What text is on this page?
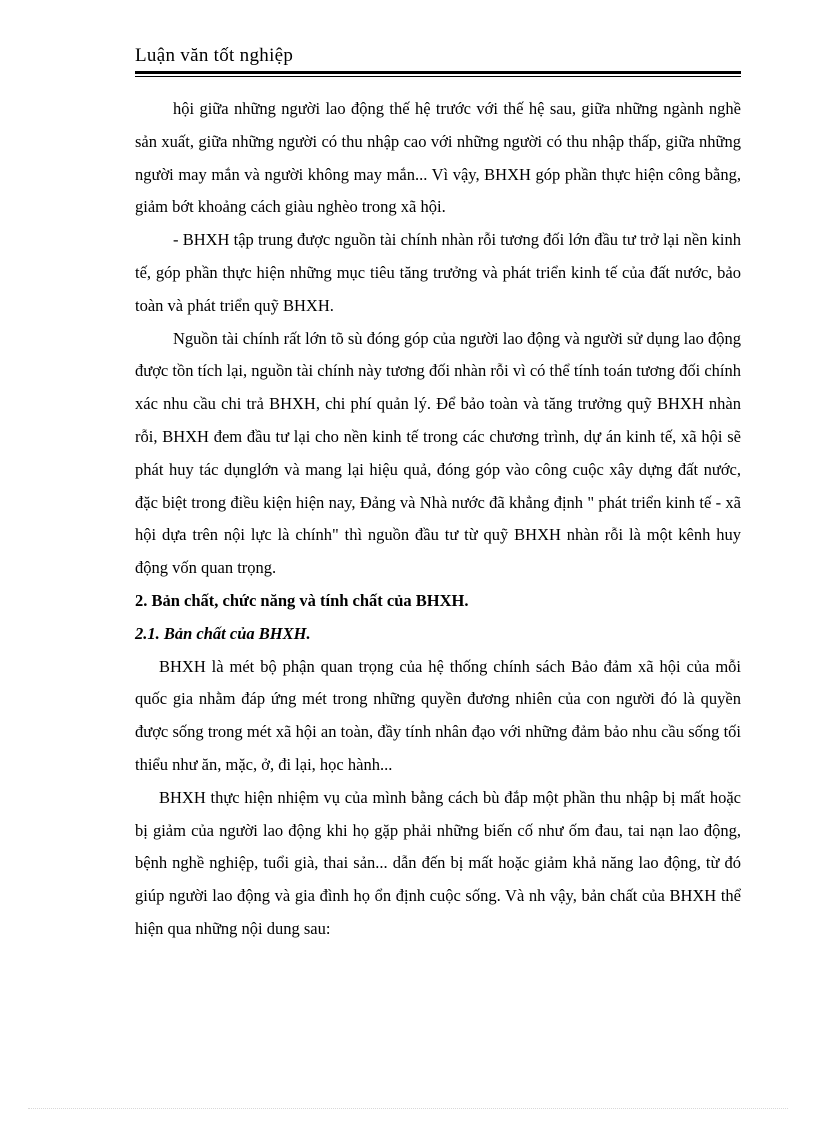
Luận văn tốt nghiệp

hội giữa những người lao động thế hệ trước với thế hệ sau, giữa những ngành nghề sản xuất, giữa những người có thu nhập cao với những người có thu nhập thấp, giữa những người may mắn và người không may mắn... Vì vậy, BHXH góp phần thực hiện công bằng, giảm bớt khoảng cách giàu nghèo trong xã hội.

- BHXH tập trung được nguồn tài chính nhàn rỗi tương đối lớn đầu tư trở lại nền kinh tế, góp phần thực hiện những mục tiêu tăng trưởng và phát triển kinh tế của đất nước, bảo toàn và phát triển quỹ BHXH.

Nguồn tài chính rất lớn tõ sù đóng góp của người lao động và người sử dụng lao động được tồn tích lại, nguồn tài chính này tương đối nhàn rỗi vì có thể tính toán tương đối chính xác nhu cầu chi trả BHXH, chi phí quản lý. Để bảo toàn và tăng trưởng quỹ BHXH nhàn rỗi, BHXH đem đầu tư lại cho nền kinh tế trong các chương trình, dự án kinh tế, xã hội sẽ phát huy tác dụnglớn và mang lại hiệu quả, đóng góp vào công cuộc xây dựng đất nước, đặc biệt trong điều kiện hiện nay, Đảng và Nhà nước đã khẳng định " phát triển kinh tế - xã hội dựa trên nội lực là chính" thì nguồn đầu tư từ quỹ BHXH nhàn rỗi là một kênh huy động vốn quan trọng.

2. Bản chất, chức năng và tính chất của BHXH.

2.1. Bản chất của BHXH.

BHXH là mét bộ phận quan trọng của hệ thống chính sách Bảo đảm xã hội của mỗi quốc gia nhằm đáp ứng mét trong những quyền đương nhiên của con người đó là quyền được sống trong mét xã hội an toàn, đầy tính nhân đạo với những đảm bảo nhu cầu sống tối thiểu như ăn, mặc, ở, đi lại, học hành...

BHXH thực hiện nhiệm vụ của mình bằng cách bù đắp một phần thu nhập bị mất hoặc bị giảm của người lao động khi họ gặp phải những biến cố như ốm đau, tai nạn lao động, bệnh nghề nghiệp, tuổi già, thai sản... dẫn đến bị mất hoặc giảm khả năng lao động, từ đó giúp người lao động và gia đình họ ổn định cuộc sống. Và nh vậy, bản chất của BHXH thể hiện qua những nội dung sau:
